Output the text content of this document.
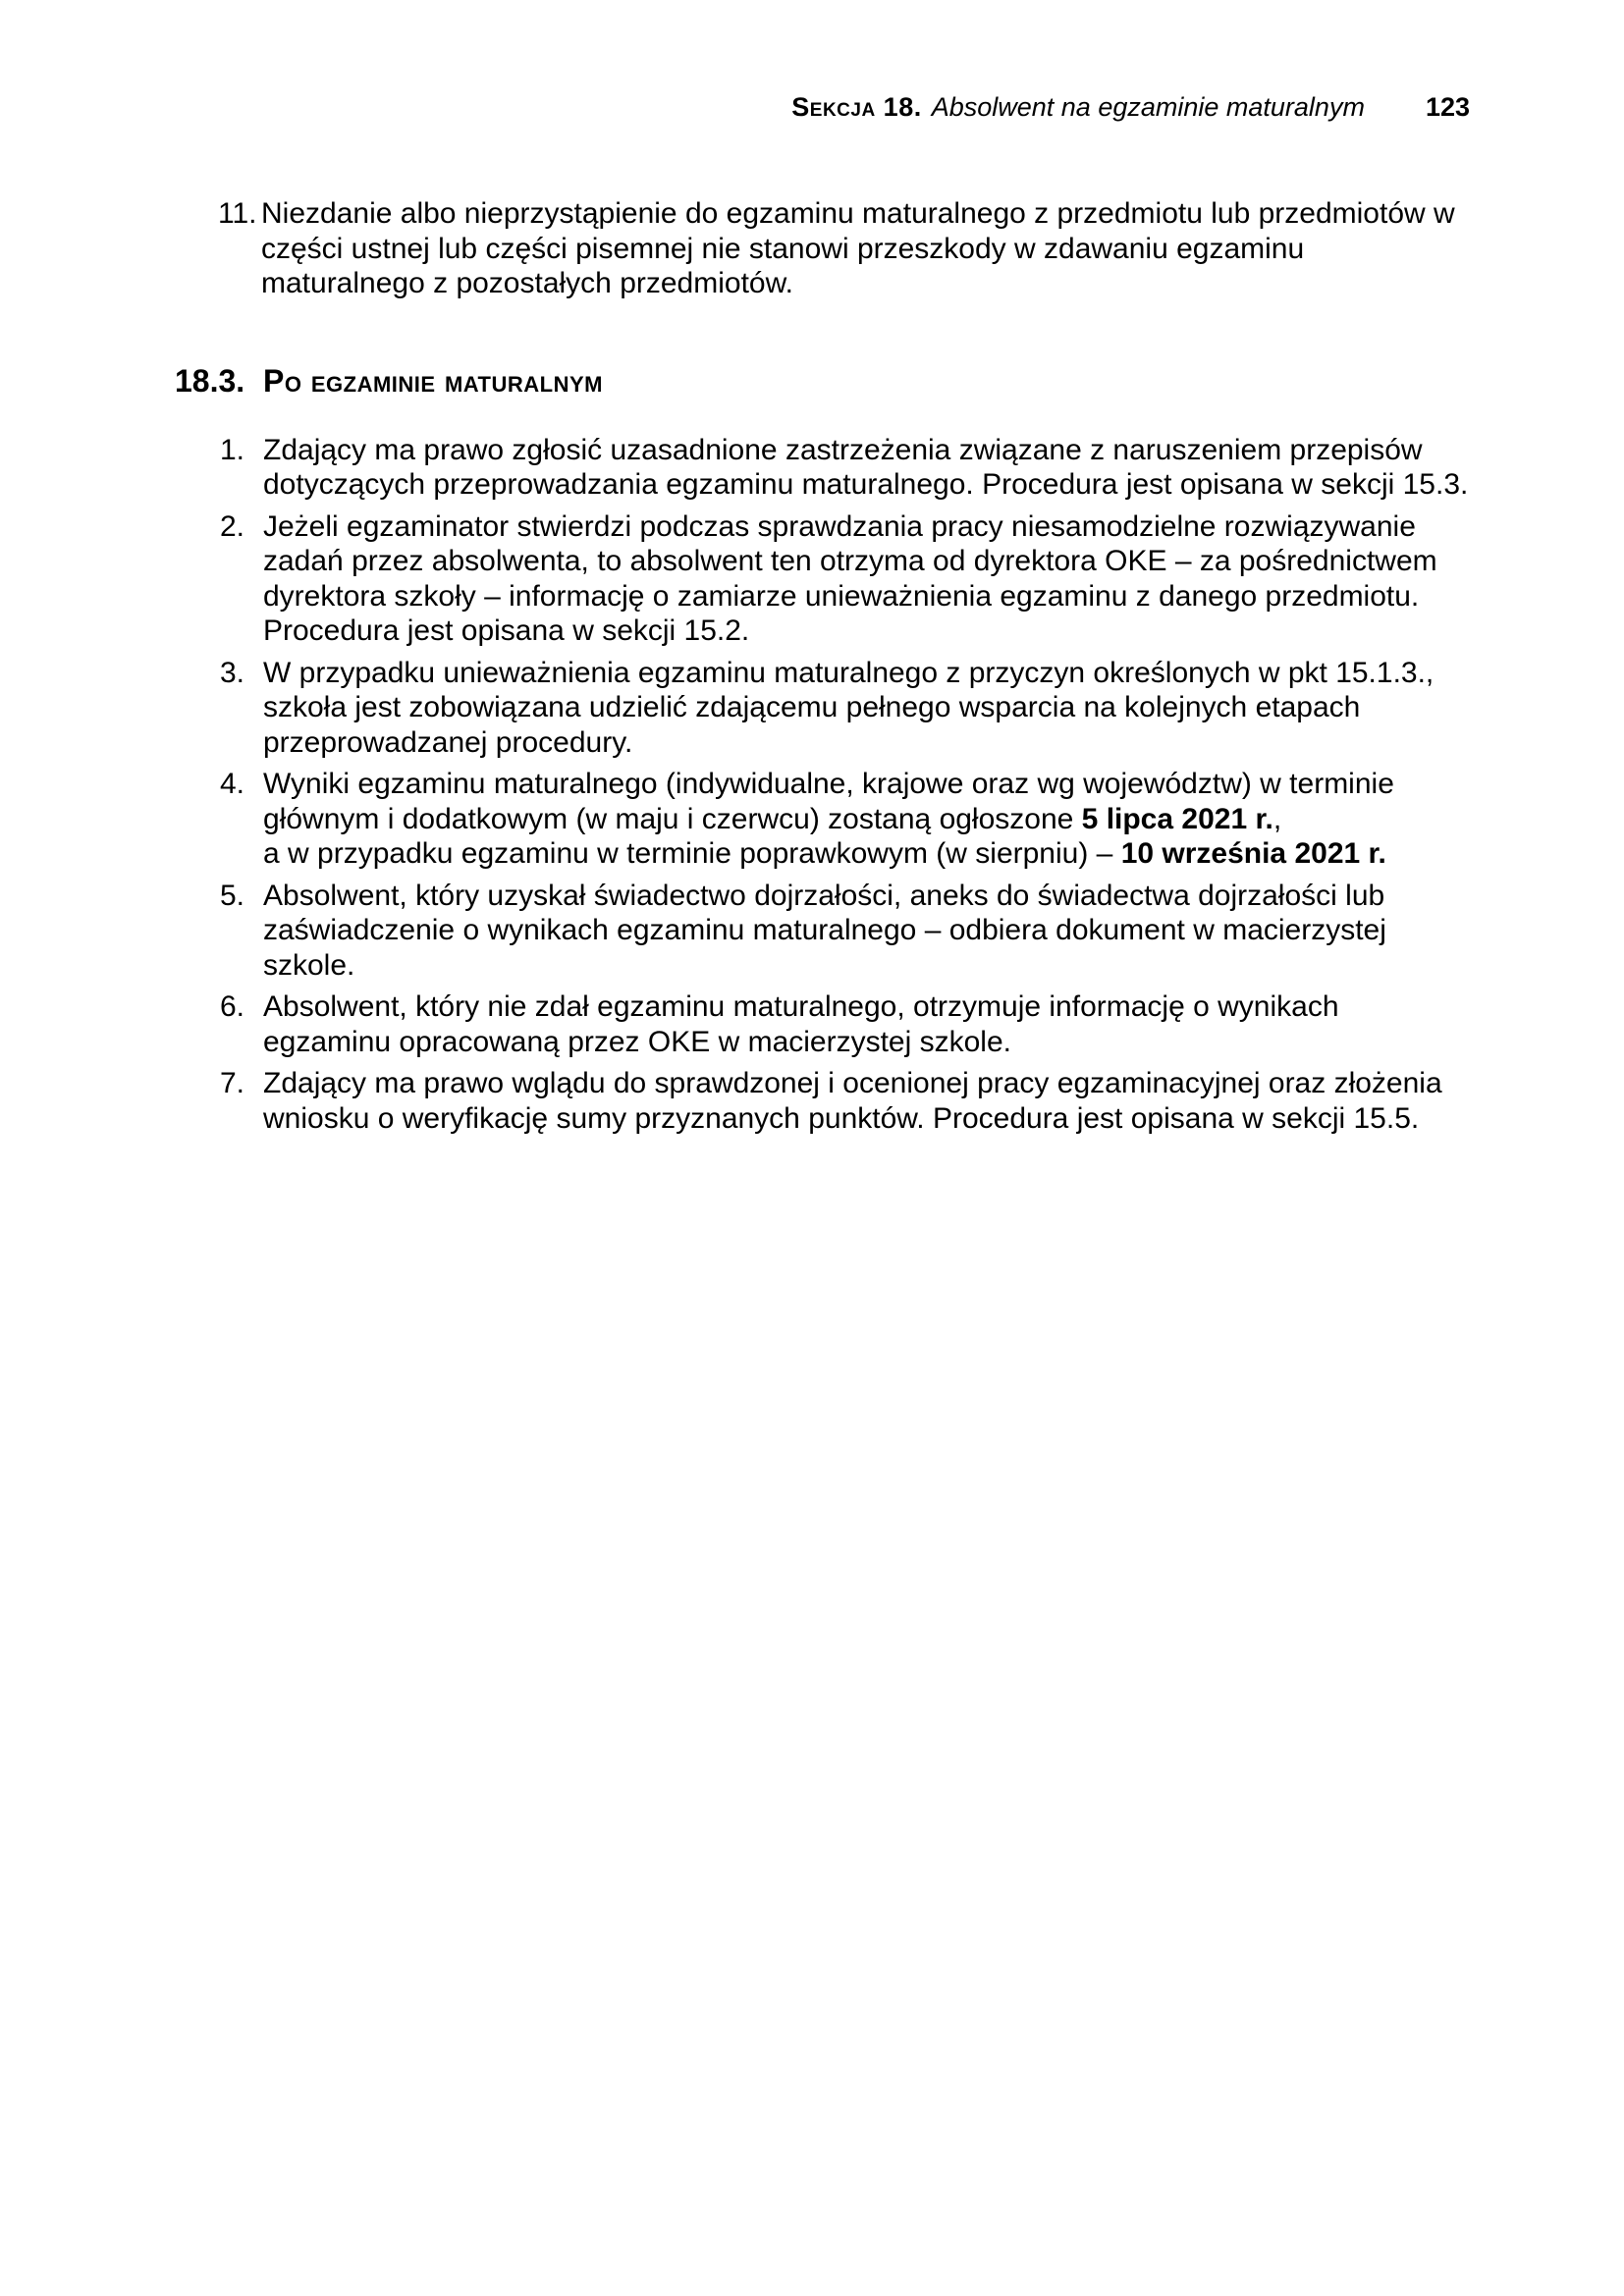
Sekcja 18. Absolwent na egzaminie maturalnym 123
11. Niezdanie albo nieprzystąpienie do egzaminu maturalnego z przedmiotu lub przedmiotów w części ustnej lub części pisemnej nie stanowi przeszkody w zdawaniu egzaminu maturalnego z pozostałych przedmiotów.
18.3. Po egzaminie maturalnym
1. Zdający ma prawo zgłosić uzasadnione zastrzeżenia związane z naruszeniem przepisów dotyczących przeprowadzania egzaminu maturalnego. Procedura jest opisana w sekcji 15.3.
2. Jeżeli egzaminator stwierdzi podczas sprawdzania pracy niesamodzielne rozwiązywanie zadań przez absolwenta, to absolwent ten otrzyma od dyrektora OKE – za pośrednictwem dyrektora szkoły – informację o zamiarze unieważnienia egzaminu z danego przedmiotu. Procedura jest opisana w sekcji 15.2.
3. W przypadku unieważnienia egzaminu maturalnego z przyczyn określonych w pkt 15.1.3., szkoła jest zobowiązana udzielić zdającemu pełnego wsparcia na kolejnych etapach przeprowadzanej procedury.
4. Wyniki egzaminu maturalnego (indywidualne, krajowe oraz wg województw) w terminie głównym i dodatkowym (w maju i czerwcu) zostaną ogłoszone 5 lipca 2021 r.,
a w przypadku egzaminu w terminie poprawkowym (w sierpniu) – 10 września 2021 r.
5. Absolwent, który uzyskał świadectwo dojrzałości, aneks do świadectwa dojrzałości lub zaświadczenie o wynikach egzaminu maturalnego – odbiera dokument w macierzystej szkole.
6. Absolwent, który nie zdał egzaminu maturalnego, otrzymuje informację o wynikach egzaminu opracowaną przez OKE w macierzystej szkole.
7. Zdający ma prawo wglądu do sprawdzonej i ocenionej pracy egzaminacyjnej oraz złożenia wniosku o weryfikację sumy przyznanych punktów. Procedura jest opisana w sekcji 15.5.
